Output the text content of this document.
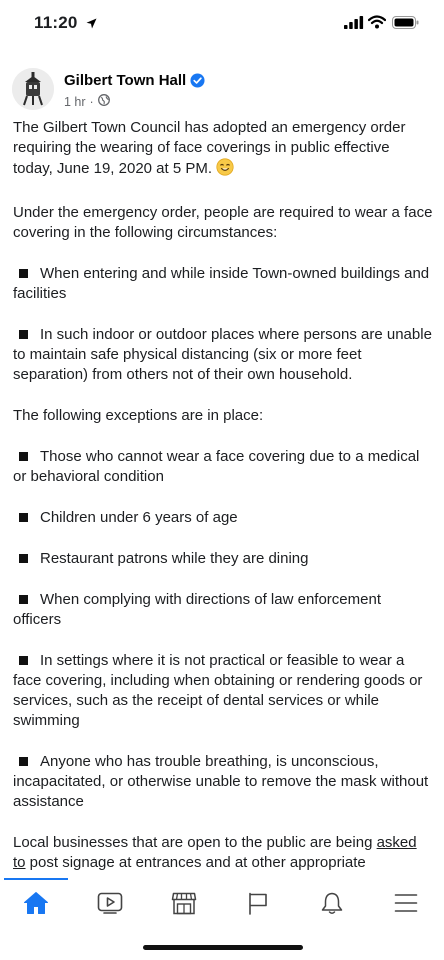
11:20
Gilbert Town Hall
1 hr ·

The Gilbert Town Council has adopted an emergency order requiring the wearing of face coverings in public effective today, June 19, 2020 at 5 PM.

Under the emergency order, people are required to wear a face covering in the following circumstances:

When entering and while inside Town-owned buildings and facilities
In such indoor or outdoor places where persons are unable to maintain safe physical distancing (six or more feet separation) from others not of their own household.

The following exceptions are in place:

Those who cannot wear a face covering due to a medical or behavioral condition
Children under 6 years of age
Restaurant patrons while they are dining
When complying with directions of law enforcement officers
In settings where it is not practical or feasible to wear a face covering, including when obtaining or rendering goods or services, such as the receipt of dental services or while swimming
Anyone who has trouble breathing, is unconscious, incapacitated, or otherwise unable to remove the mask without assistance

Local businesses that are open to the public are being asked to post signage at entrances and at other appropriate
